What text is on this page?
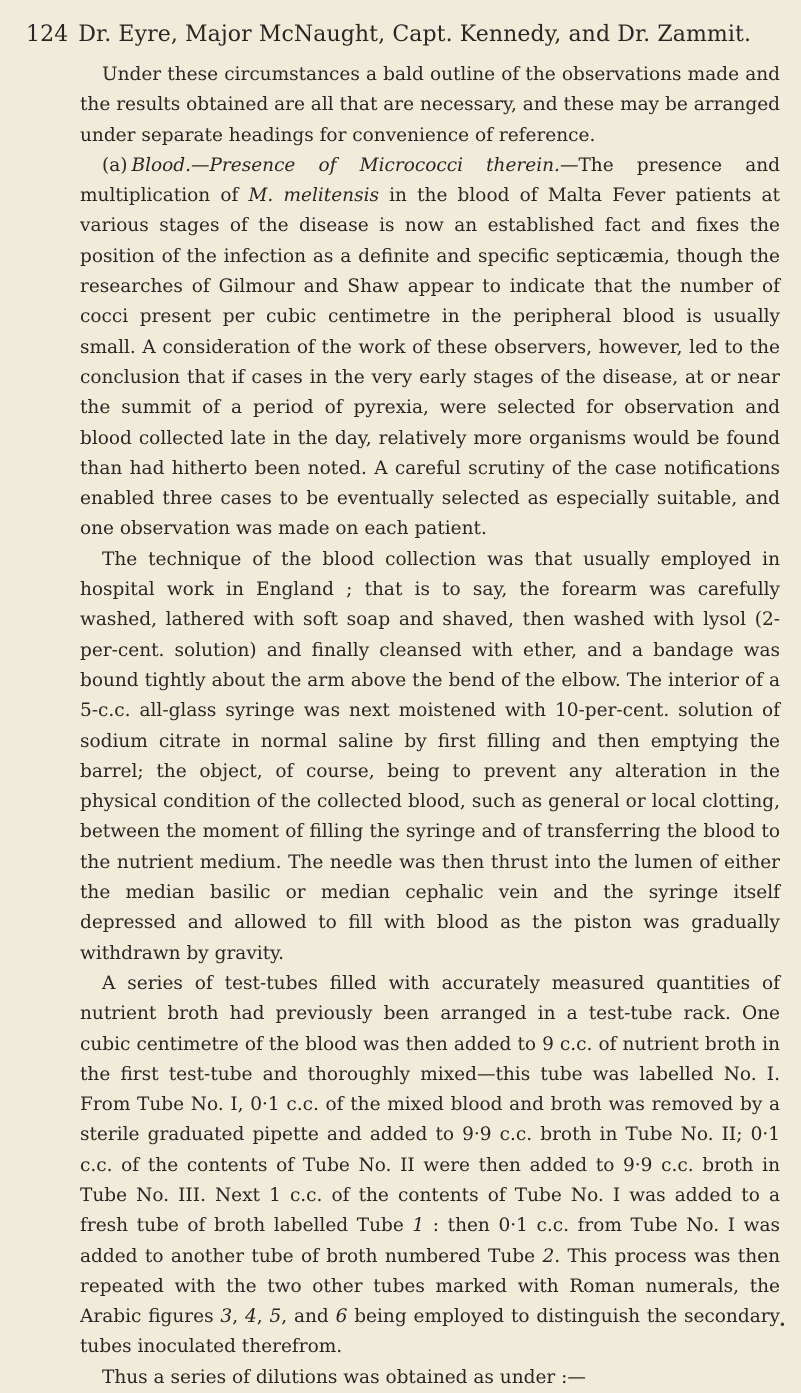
124 Dr. Eyre, Major McNaught, Capt. Kennedy, and Dr. Zammit.

Under these circumstances a bald outline of the observations made and the results obtained are all that are necessary, and these may be arranged under separate headings for convenience of reference.

(a) Blood.—Presence of Micrococci therein.—The presence and multiplication of M. melitensis in the blood of Malta Fever patients at various stages of the disease is now an established fact and fixes the position of the infection as a definite and specific septicæmia, though the researches of Gilmour and Shaw appear to indicate that the number of cocci present per cubic centimetre in the peripheral blood is usually small. A consideration of the work of these observers, however, led to the conclusion that if cases in the very early stages of the disease, at or near the summit of a period of pyrexia, were selected for observation and blood collected late in the day, relatively more organisms would be found than had hitherto been noted. A careful scrutiny of the case notifications enabled three cases to be eventually selected as especially suitable, and one observation was made on each patient.

The technique of the blood collection was that usually employed in hospital work in England ; that is to say, the forearm was carefully washed, lathered with soft soap and shaved, then washed with lysol (2-per-cent. solution) and finally cleansed with ether, and a bandage was bound tightly about the arm above the bend of the elbow. The interior of a 5-c.c. all-glass syringe was next moistened with 10-per-cent. solution of sodium citrate in normal saline by first filling and then emptying the barrel; the object, of course, being to prevent any alteration in the physical condition of the collected blood, such as general or local clotting, between the moment of filling the syringe and of transferring the blood to the nutrient medium. The needle was then thrust into the lumen of either the median basilic or median cephalic vein and the syringe itself depressed and allowed to fill with blood as the piston was gradually withdrawn by gravity.

A series of test-tubes filled with accurately measured quantities of nutrient broth had previously been arranged in a test-tube rack. One cubic centimetre of the blood was then added to 9 c.c. of nutrient broth in the first test-tube and thoroughly mixed—this tube was labelled No. I. From Tube No. I, 0·1 c.c. of the mixed blood and broth was removed by a sterile graduated pipette and added to 9·9 c.c. broth in Tube No. II; 0·1 c.c. of the contents of Tube No. II were then added to 9·9 c.c. broth in Tube No. III. Next 1 c.c. of the contents of Tube No. I was added to a fresh tube of broth labelled Tube 1 : then 0·1 c.c. from Tube No. I was added to another tube of broth numbered Tube 2. This process was then repeated with the two other tubes marked with Roman numerals, the Arabic figures 3, 4, 5, and 6 being employed to distinguish the secondary tubes inoculated therefrom.

Thus a series of dilutions was obtained as under :—

•
